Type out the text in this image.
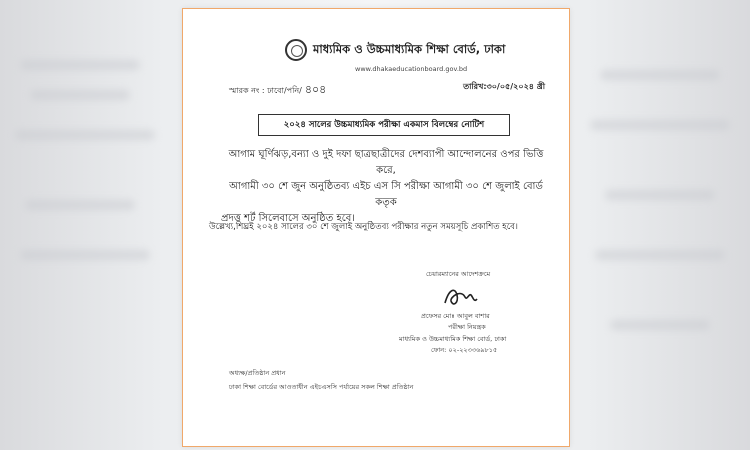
মাধ্যমিক ও উচ্চমাধ্যমিক শিক্ষা বোর্ড, ঢাকা
www.dhakaeducationboard.gov.bd
স্মারক নং : ঢাবো/পনি/ ৪০৪	তারিখ:৩০/০৫/২০২৪ খ্রী
২০২৪ সালের উচ্চমাধ্যমিক পরীক্ষা একমাস বিলম্বের নোটিশ

আগাম ঘূর্ণিঝড়,বন্যা ও দুই দফা ছাত্রছাত্রীদের দেশব্যাপী আন্দোলনের ওপর ভিত্তি করে,

আগামী ৩০ শে জুন অনুষ্ঠিতব্য এইচ এস সি পরীক্ষা আগামী ৩০ শে জুলাই বোর্ড কতৃক

প্রদত্ত শর্ট সিলেবাসে অনুষ্ঠিত হবে।

উল্লেখ্য,শিঘ্রই ২০২৪ সালের ৩০ শে জুলাই অনুষ্ঠিতব্য পরীক্ষার নতুন সময়সূচি প্রকাশিত হবে।
চেয়ারম্যানের আদেশক্রমে
প্রফেসর মোঃ আবুল বাশার
পরীক্ষা নিয়ন্ত্রক
মাধ্যমিক ও উচ্চমাধ্যমিক শিক্ষা বোর্ড, ঢাকা
ফোন: ০২-২২৩৩৬৯৮১৫
অধ্যক্ষ/প্রতিষ্ঠান প্রধান
ঢাকা শিক্ষা বোর্ডের আওতাধীন এইচএসসি পর্যায়ের সকল শিক্ষা প্রতিষ্ঠান
